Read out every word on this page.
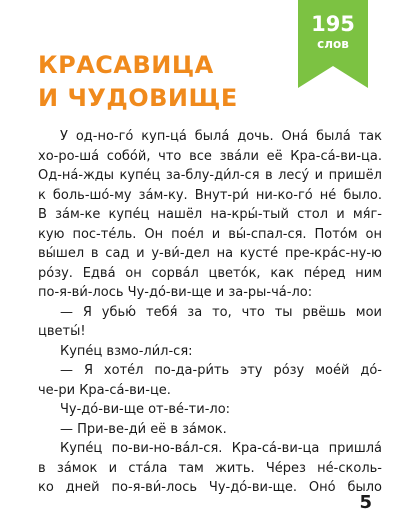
195
слов
КРАСАВИЦА
И ЧУДОВИЩЕ
У од-но-го́ куп-ца́ была́ дочь. Она́ была́ так
хо-ро-ша́ собо́й, что все зва́ли её Кра-са́-ви-ца.
Од-на́-жды купе́ц за-блу-ди́л-ся в лесу́ и пришёл
к боль-шо́-му за́м-ку. Внут-ри́ ни-ко-го́ не́ было.
В за́м-ке купе́ц нашёл на-кры́-тый стол и мя́г-
кую пос-те́ль. Он пое́л и вы́-спал-ся. Пото́м он
вы́шел в сад и у-ви́-дел на кусте́ пре-кра́с-ну-ю
ро́зу. Едва́ он сорва́л цвето́к, как пе́ред ним
по-я-ви́-лось Чу-до́-ви-ще и за-ры-ча́-ло:
— Я убью́ тебя́ за то, что ты рвёшь мои
цветы́!
Купе́ц взмо-ли́л-ся:
— Я хоте́л по-да-ри́ть эту ро́зу мое́й до́-
че-ри Кра-са́-ви-це.
Чу-до́-ви-ще от-ве́-ти-ло:
— При-ве-ди́ её в за́мок.
Купе́ц по-ви-но-ва́л-ся. Кра-са́-ви-ца пришла́
в за́мок и ста́ла там жить. Че́рез не́-сколь-
ко дней по-я-ви́-лось Чу-до́-ви-ще. Оно́ было
5
